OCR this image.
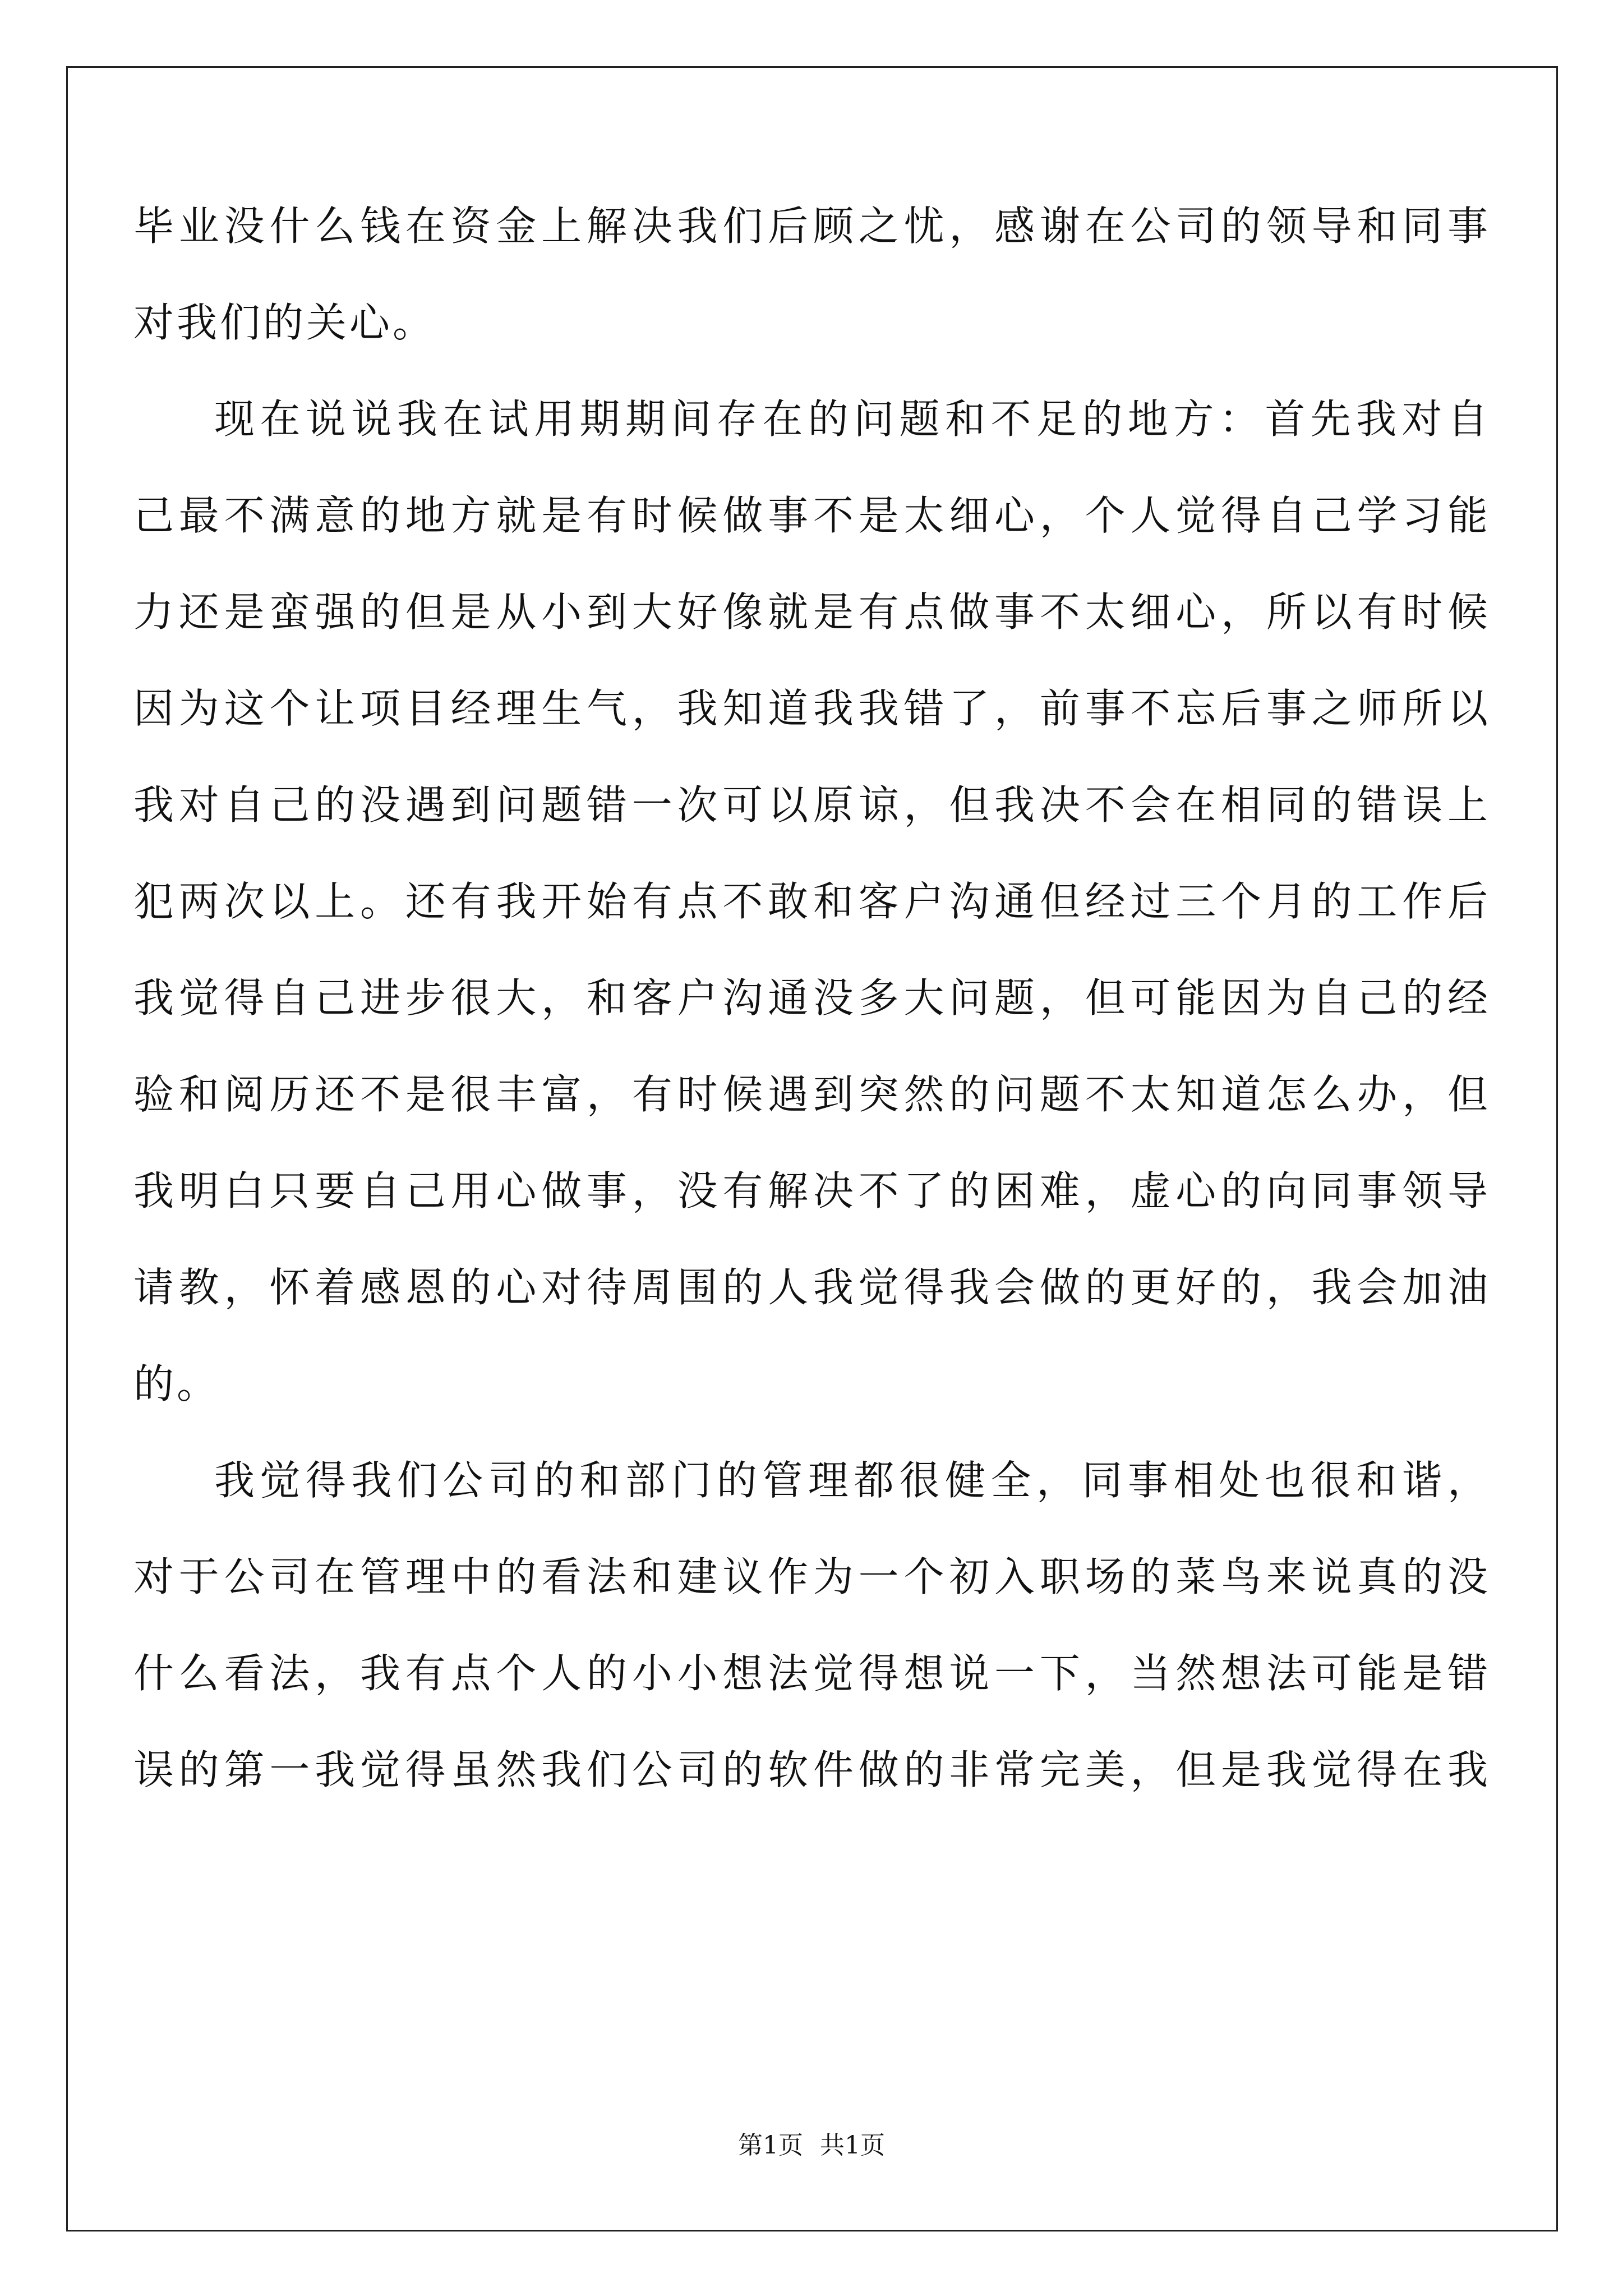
毕业没什么钱在资金上解决我们后顾之忧，感谢在公司的领导和同事
对我们的关心。
现在说说我在试用期期间存在的问题和不足的地方：首先我对自
己最不满意的地方就是有时候做事不是太细心，个人觉得自己学习能
力还是蛮强的但是从小到大好像就是有点做事不太细心，所以有时候
因为这个让项目经理生气，我知道我我错了，前事不忘后事之师所以
我对自己的没遇到问题错一次可以原谅，但我决不会在相同的错误上
犯两次以上。还有我开始有点不敢和客户沟通但经过三个月的工作后
我觉得自己进步很大，和客户沟通没多大问题，但可能因为自己的经
验和阅历还不是很丰富，有时候遇到突然的问题不太知道怎么办，但
我明白只要自己用心做事，没有解决不了的困难，虚心的向同事领导
请教，怀着感恩的心对待周围的人我觉得我会做的更好的，我会加油
的。
我觉得我们公司的和部门的管理都很健全，同事相处也很和谐，
对于公司在管理中的看法和建议作为一个初入职场的菜鸟来说真的没
什么看法，我有点个人的小小想法觉得想说一下，当然想法可能是错
误的第一我觉得虽然我们公司的软件做的非常完美，但是我觉得在我
第1页 共1页
